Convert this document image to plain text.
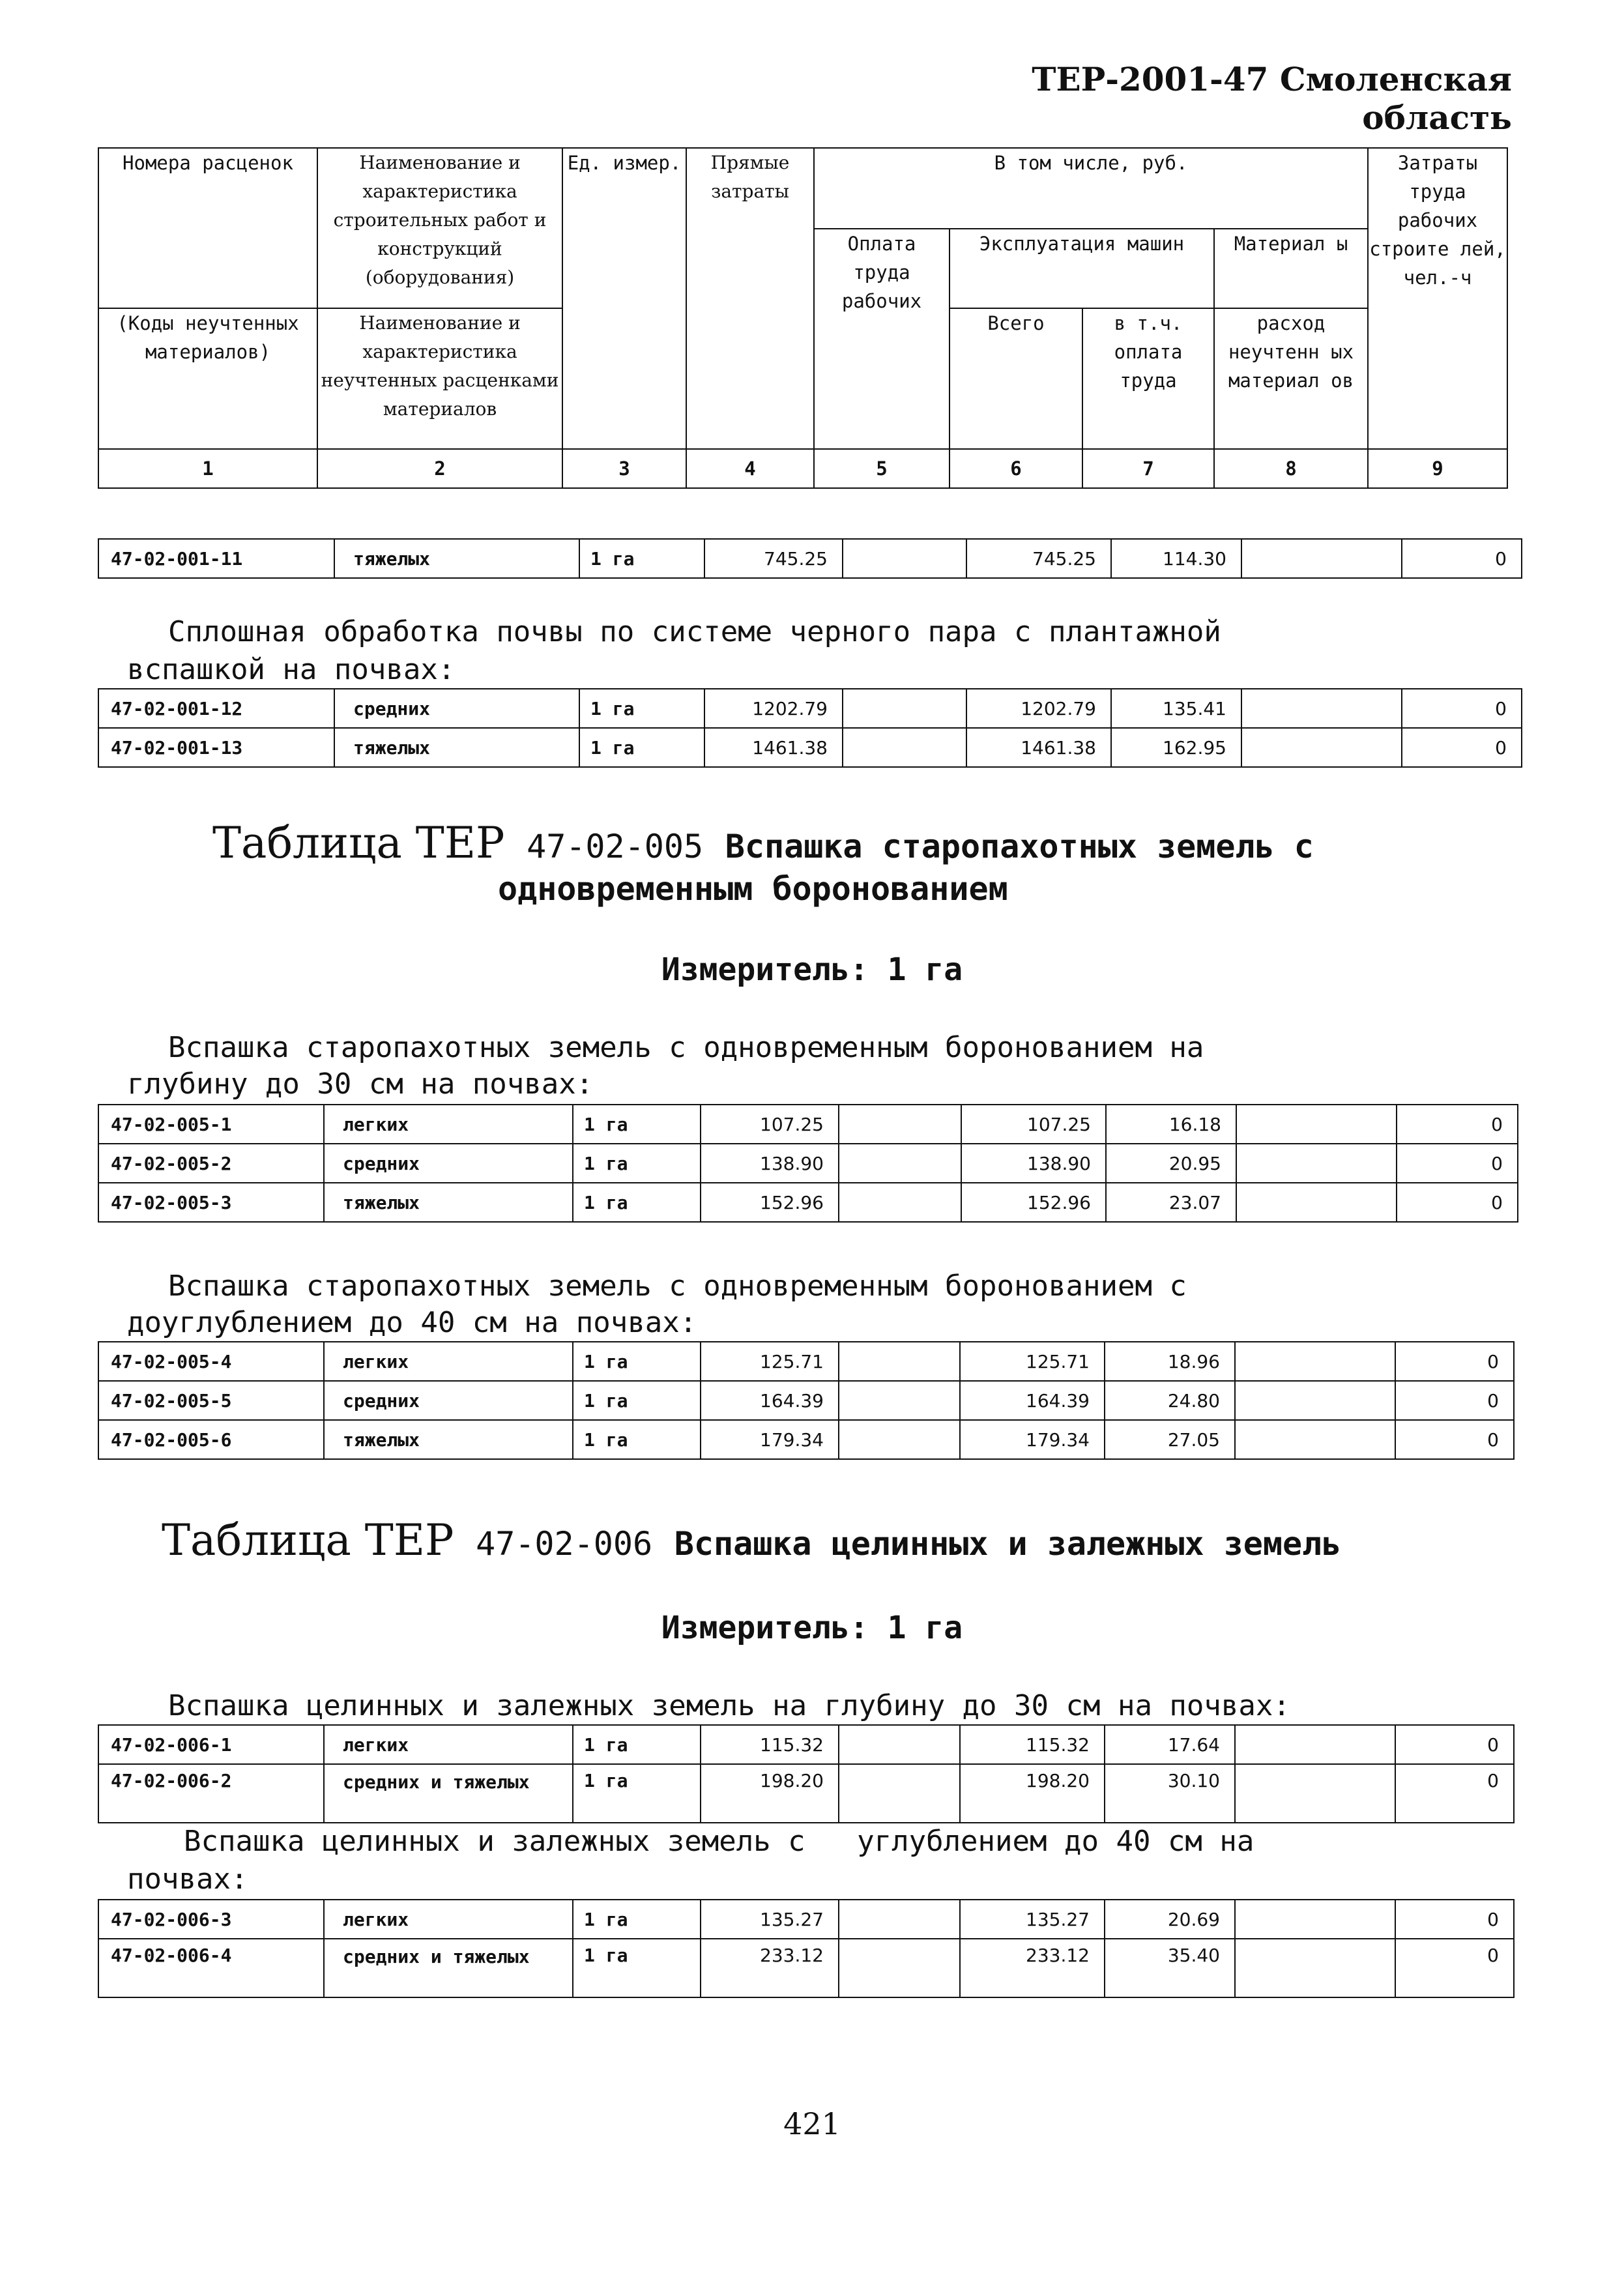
ТЕР-2001-47 Смоленская область
Номера расценок	Наименование и характеристика строительных работ и конструкций (оборудования)	Ед. измер.	Прямые затраты	В том числе, руб.				Затраты труда рабочих строите лей, чел.-ч
				Оплата труда рабочих	Эксплуатация машин		Материал ы	
(Коды неучтенных материалов)	Наименование и характеристика неучтенных расценками материалов				Всего	в т.ч. оплата труда	расход неучтенн ых материал ов	
1	2	3	4	5	6	7	8	9
47-02-001-11	тяжелых	1 га	745.25		745.25	114.30		0
Сплошная обработка почвы по системе черного пара с плантажной
вспашкой на почвах:
47-02-001-12	средних	1 га	1202.79		1202.79	135.41		0
47-02-001-13	тяжелых	1 га	1461.38		1461.38	162.95		0
Таблица ТЕР 47-02-005 Вспашка старопахотных земель с
одновременным боронованием
Измеритель: 1 га
Вспашка старопахотных земель с одновременным боронованием на
глубину до 30 см на почвах:
47-02-005-1	легких	1 га	107.25		107.25	16.18		0
47-02-005-2	средних	1 га	138.90		138.90	20.95		0
47-02-005-3	тяжелых	1 га	152.96		152.96	23.07		0
Вспашка старопахотных земель с одновременным боронованием с
доуглублением до 40 см на почвах:
47-02-005-4	легких	1 га	125.71		125.71	18.96		0
47-02-005-5	средних	1 га	164.39		164.39	24.80		0
47-02-005-6	тяжелых	1 га	179.34		179.34	27.05		0
Таблица ТЕР 47-02-006 Вспашка целинных и залежных земель
Измеритель: 1 га
Вспашка целинных и залежных земель на глубину до 30 см на почвах:
47-02-006-1	легких	1 га	115.32		115.32	17.64		0
47-02-006-2	средних и тяжелых	1 га	198.20		198.20	30.10		0
Вспашка целинных и залежных земель с   углублением до 40 см на
почвах:
47-02-006-3	легких	1 га	135.27		135.27	20.69		0
47-02-006-4	средних и тяжелых	1 га	233.12		233.12	35.40		0
421
